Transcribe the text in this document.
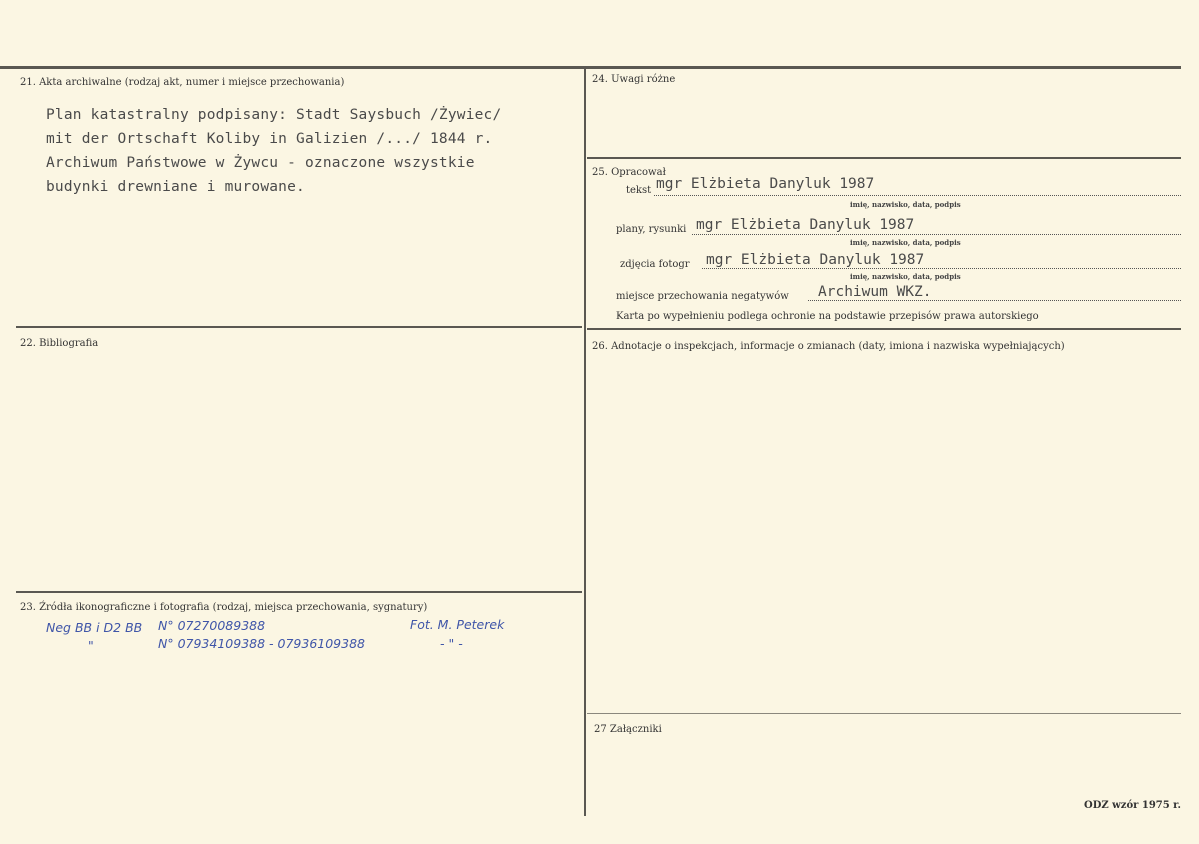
21. Akta archiwalne (rodzaj akt, numer i miejsce przechowania)
Plan katastralny podpisany: Stadt Saysbuch /Żywiec/
mit der Ortschaft Koliby in Galizien /.../ 1844 r.
Archiwum Państwowe w Żywcu - oznaczone wszystkie
budynki drewniane i murowane.
22. Bibliografia
23. Źródła ikonograficzne i fotografia (rodzaj, miejsca przechowania, sygnatury)
Neg BB i D2 BB N° 07270089388	Fot. M. Peterek
"	N° 07934109388 - 07936109388	- " -
24. Uwagi różne
25. Opracował
tekst mgr Elżbieta Danyluk 1987
imię, nazwisko, data, podpis
plany, rysunki mgr Elżbieta Danyluk 1987
imię, nazwisko, data, podpis
zdjęcia fotogr mgr Elżbieta Danyluk 1987
imię, nazwisko, data, podpis
miejsce przechowania negatywów Archiwum WKZ.
Karta po wypełnieniu podlega ochronie na podstawie przepisów prawa autorskiego
26. Adnotacje o inspekcjach, informacje o zmianach (daty, imiona i nazwiska wypełniających)
27 Załączniki
ODZ wzór 1975 r.
